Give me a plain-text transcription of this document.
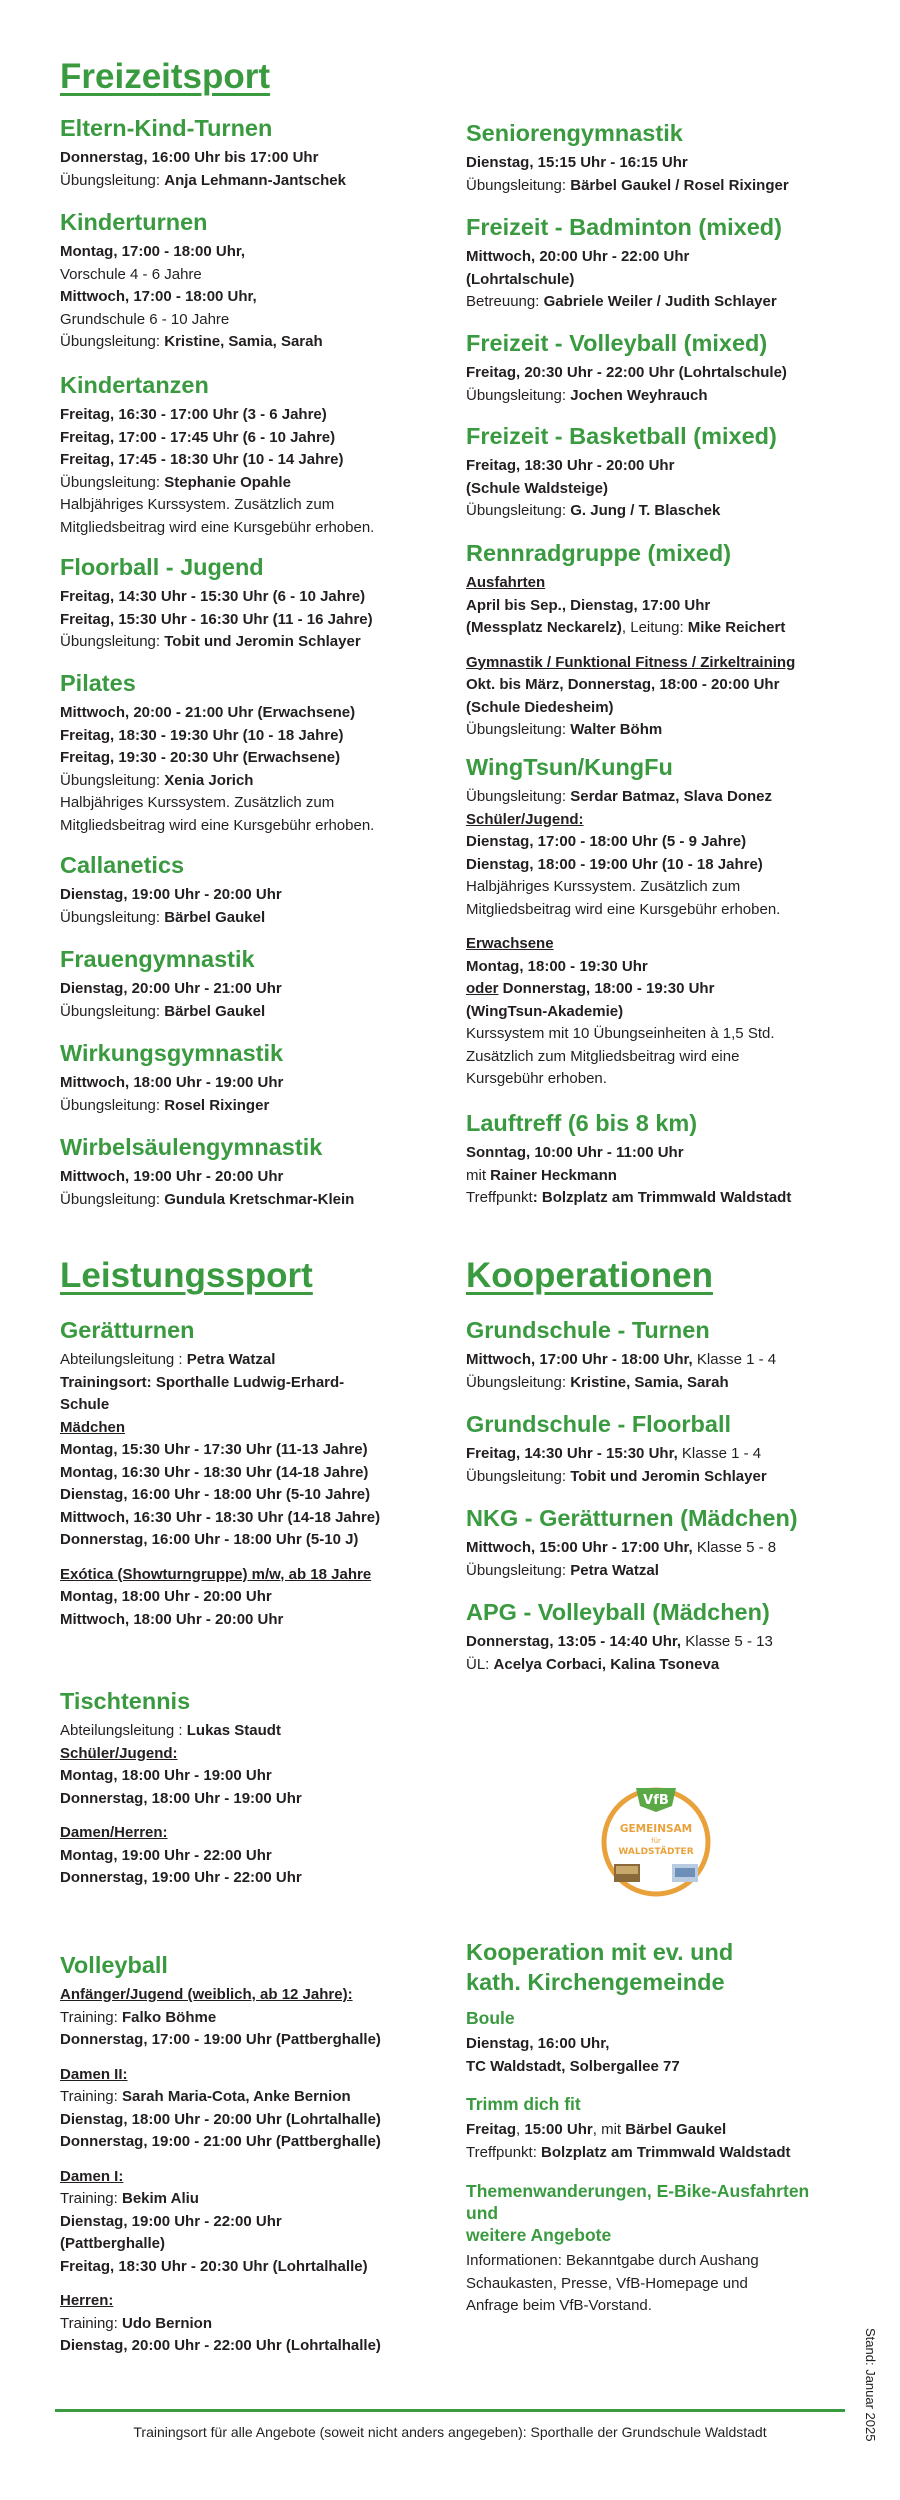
Freizeitsport
Eltern-Kind-Turnen
Donnerstag, 16:00 Uhr bis 17:00 Uhr
Übungsleitung: Anja Lehmann-Jantschek
Kinderturnen
Montag, 17:00 - 18:00 Uhr,
Vorschule 4 - 6 Jahre
Mittwoch, 17:00 - 18:00 Uhr,
Grundschule 6 - 10 Jahre
Übungsleitung: Kristine, Samia, Sarah
Kindertanzen
Freitag, 16:30 - 17:00 Uhr (3 - 6 Jahre)
Freitag, 17:00 - 17:45 Uhr (6 - 10 Jahre)
Freitag, 17:45 - 18:30 Uhr (10 - 14 Jahre)
Übungsleitung: Stephanie Opahle
Halbjähriges Kurssystem. Zusätzlich zum
Mitgliedsbeitrag wird eine Kursgebühr erhoben.
Floorball - Jugend
Freitag, 14:30 Uhr - 15:30 Uhr (6 - 10 Jahre)
Freitag, 15:30 Uhr - 16:30 Uhr (11 - 16 Jahre)
Übungsleitung: Tobit und Jeromin Schlayer
Pilates
Mittwoch, 20:00 - 21:00 Uhr (Erwachsene)
Freitag, 18:30 - 19:30 Uhr (10 - 18 Jahre)
Freitag, 19:30 - 20:30 Uhr (Erwachsene)
Übungsleitung: Xenia Jorich
Halbjähriges Kurssystem. Zusätzlich zum
Mitgliedsbeitrag wird eine Kursgebühr erhoben.
Callanetics
Dienstag, 19:00 Uhr - 20:00 Uhr
Übungsleitung: Bärbel Gaukel
Frauengymnastik
Dienstag, 20:00 Uhr - 21:00 Uhr
Übungsleitung: Bärbel Gaukel
Wirkungsgymnastik
Mittwoch, 18:00 Uhr - 19:00 Uhr
Übungsleitung: Rosel Rixinger
Wirbelsäulengymnastik
Mittwoch, 19:00 Uhr - 20:00 Uhr
Übungsleitung: Gundula Kretschmar-Klein
Leistungssport
Gerätturnen
Abteilungsleitung : Petra Watzal
Trainingsort: Sporthalle Ludwig-Erhard-
Schule
Mädchen
Montag, 15:30 Uhr - 17:30 Uhr (11-13 Jahre)
Montag, 16:30 Uhr - 18:30 Uhr (14-18 Jahre)
Dienstag, 16:00 Uhr - 18:00 Uhr (5-10 Jahre)
Mittwoch, 16:30 Uhr - 18:30 Uhr (14-18 Jahre)
Donnerstag, 16:00 Uhr - 18:00 Uhr (5-10 J)
Exótica (Showturngruppe) m/w, ab 18 Jahre
Montag, 18:00 Uhr - 20:00 Uhr
Mittwoch, 18:00 Uhr - 20:00 Uhr
Tischtennis
Abteilungsleitung : Lukas Staudt
Schüler/Jugend:
Montag, 18:00 Uhr - 19:00 Uhr
Donnerstag, 18:00 Uhr - 19:00 Uhr
Damen/Herren:
Montag, 19:00 Uhr - 22:00 Uhr
Donnerstag, 19:00 Uhr - 22:00 Uhr
Volleyball
Anfänger/Jugend (weiblich, ab 12 Jahre):
Training: Falko Böhme
Donnerstag, 17:00 - 19:00 Uhr (Pattberghalle)
Damen II:
Training: Sarah Maria-Cota, Anke Bernion
Dienstag, 18:00 Uhr - 20:00 Uhr (Lohrtalhalle)
Donnerstag, 19:00 - 21:00 Uhr (Pattberghalle)
Damen I:
Training: Bekim Aliu
Dienstag, 19:00 Uhr - 22:00 Uhr
(Pattberghalle)
Freitag, 18:30 Uhr - 20:30 Uhr (Lohrtalhalle)
Herren:
Training: Udo Bernion
Dienstag, 20:00 Uhr - 22:00 Uhr (Lohrtalhalle)
Seniorengymnastik
Dienstag, 15:15 Uhr - 16:15 Uhr
Übungsleitung: Bärbel Gaukel / Rosel Rixinger
Freizeit - Badminton (mixed)
Mittwoch, 20:00 Uhr - 22:00 Uhr
(Lohrtalschule)
Betreuung: Gabriele Weiler / Judith Schlayer
Freizeit - Volleyball (mixed)
Freitag, 20:30 Uhr - 22:00 Uhr (Lohrtalschule)
Übungsleitung: Jochen Weyhrauch
Freizeit - Basketball (mixed)
Freitag, 18:30 Uhr - 20:00 Uhr
(Schule Waldsteige)
Übungsleitung: G. Jung / T. Blaschek
Rennradgruppe (mixed)
Ausfahrten
April bis Sep., Dienstag, 17:00 Uhr
(Messplatz Neckarelz), Leitung: Mike Reichert
Gymnastik / Funktional Fitness / Zirkeltraining
Okt. bis März, Donnerstag, 18:00 - 20:00 Uhr
(Schule Diedesheim)
Übungsleitung: Walter Böhm
WingTsun/KungFu
Übungsleitung: Serdar Batmaz, Slava Donez
Schüler/Jugend:
Dienstag, 17:00 - 18:00 Uhr (5 - 9 Jahre)
Dienstag, 18:00 - 19:00 Uhr (10 - 18 Jahre)
Halbjähriges Kurssystem. Zusätzlich zum
Mitgliedsbeitrag wird eine Kursgebühr erhoben.
Erwachsene
Montag, 18:00 - 19:30 Uhr
oder Donnerstag, 18:00 - 19:30 Uhr
(WingTsun-Akademie)
Kurssystem mit 10 Übungseinheiten à 1,5 Std.
Zusätzlich zum Mitgliedsbeitrag wird eine
Kursgebühr erhoben.
Lauftreff (6 bis 8 km)
Sonntag, 10:00 Uhr - 11:00 Uhr
mit Rainer Heckmann
Treffpunkt: Bolzplatz am Trimmwald Waldstadt
Kooperationen
Grundschule - Turnen
Mittwoch, 17:00 Uhr - 18:00 Uhr, Klasse 1 - 4
Übungsleitung: Kristine, Samia, Sarah
Grundschule - Floorball
Freitag, 14:30 Uhr - 15:30 Uhr, Klasse 1 - 4
Übungsleitung: Tobit und Jeromin Schlayer
NKG - Gerätturnen (Mädchen)
Mittwoch, 15:00 Uhr - 17:00 Uhr, Klasse 5 - 8
Übungsleitung: Petra Watzal
APG - Volleyball (Mädchen)
Donnerstag, 13:05 - 14:40 Uhr, Klasse 5 - 13
ÜL: Acelya Corbaci, Kalina Tsoneva
VfB
GEMEINSAM
für
WALDSTÄDTER
Kooperation mit ev. und
kath. Kirchengemeinde
Boule
Dienstag, 16:00 Uhr,
TC Waldstadt, Solbergallee 77
Trimm dich fit
Freitag, 15:00 Uhr, mit Bärbel Gaukel
Treffpunkt: Bolzplatz am Trimmwald Waldstadt
Themenwanderungen, E-Bike-Ausfahrten
und
weitere Angebote
Informationen: Bekanntgabe durch Aushang
Schaukasten, Presse, VfB-Homepage und
Anfrage beim VfB-Vorstand.
Stand: Januar 2025
Trainingsort für alle Angebote (soweit nicht anders angegeben): Sporthalle der Grundschule Waldstadt
